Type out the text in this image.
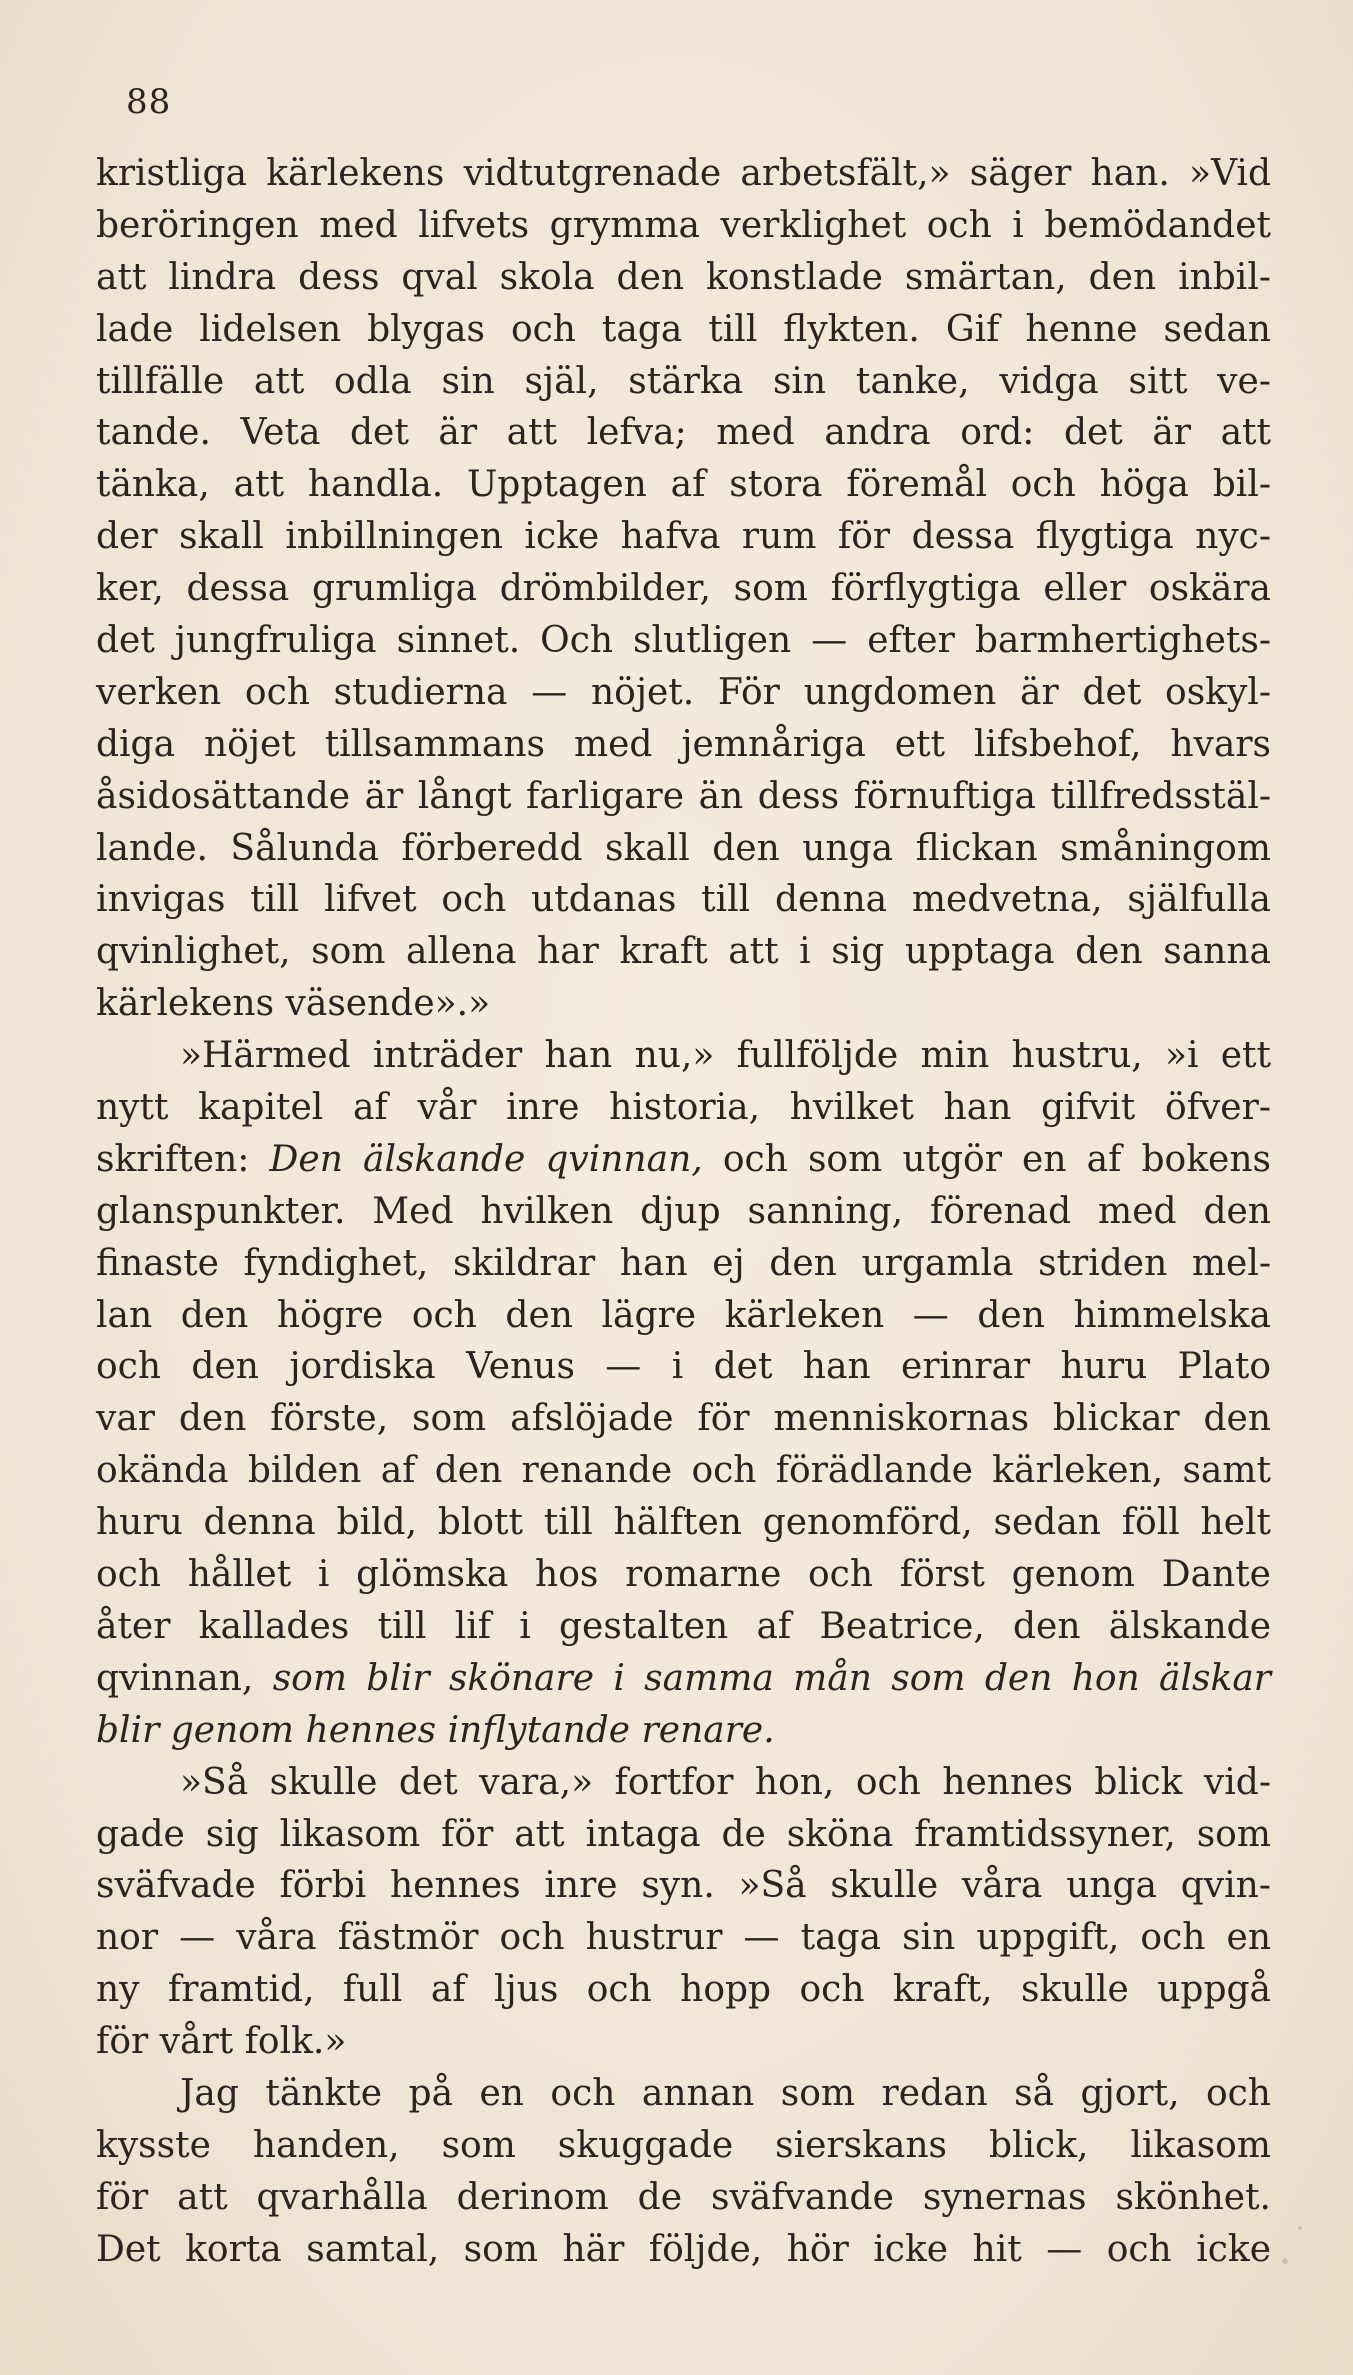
88
kristliga kärlekens vidtutgrenade arbetsfält,» säger han. »Vid
beröringen med lifvets grymma verklighet och i bemödandet
att lindra dess qval skola den konstlade smärtan, den inbil-
lade lidelsen blygas och taga till flykten. Gif henne sedan
tillfälle att odla sin själ, stärka sin tanke, vidga sitt ve-
tande. Veta det är att lefva; med andra ord: det är att
tänka, att handla. Upptagen af stora föremål och höga bil-
der skall inbillningen icke hafva rum för dessa flygtiga nyc-
ker, dessa grumliga drömbilder, som förflygtiga eller oskära
det jungfruliga sinnet. Och slutligen — efter barmhertighets-
verken och studierna — nöjet. För ungdomen är det oskyl-
diga nöjet tillsammans med jemnåriga ett lifsbehof, hvars
åsidosättande är långt farligare än dess förnuftiga tillfredsstäl-
lande. Sålunda förberedd skall den unga flickan småningom
invigas till lifvet och utdanas till denna medvetna, själfulla
qvinlighet, som allena har kraft att i sig upptaga den sanna
kärlekens väsende».»
»Härmed inträder han nu,» fullföljde min hustru, »i ett
nytt kapitel af vår inre historia, hvilket han gifvit öfver-
skriften: Den älskande qvinnan, och som utgör en af bokens
glanspunkter. Med hvilken djup sanning, förenad med den
finaste fyndighet, skildrar han ej den urgamla striden mel-
lan den högre och den lägre kärleken — den himmelska
och den jordiska Venus — i det han erinrar huru Plato
var den förste, som afslöjade för menniskornas blickar den
okända bilden af den renande och förädlande kärleken, samt
huru denna bild, blott till hälften genomförd, sedan föll helt
och hållet i glömska hos romarne och först genom Dante
åter kallades till lif i gestalten af Beatrice, den älskande
qvinnan, som blir skönare i samma mån som den hon älskar
blir genom hennes inflytande renare.
»Så skulle det vara,» fortfor hon, och hennes blick vid-
gade sig likasom för att intaga de sköna framtidssyner, som
sväfvade förbi hennes inre syn. »Så skulle våra unga qvin-
nor — våra fästmör och hustrur — taga sin uppgift, och en
ny framtid, full af ljus och hopp och kraft, skulle uppgå
för vårt folk.»
Jag tänkte på en och annan som redan så gjort, och
kysste handen, som skuggade sierskans blick, likasom
för att qvarhålla derinom de sväfvande synernas skönhet.
Det korta samtal, som här följde, hör icke hit — och icke
